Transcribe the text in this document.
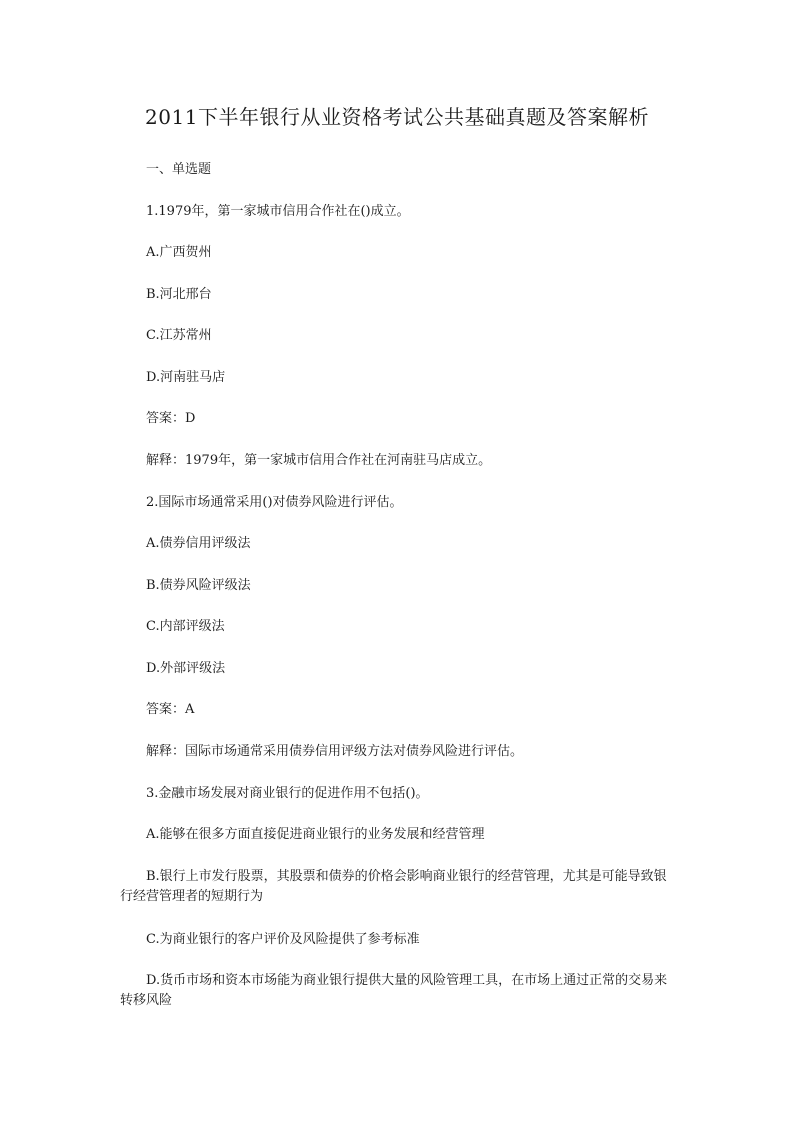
2011下半年银行从业资格考试公共基础真题及答案解析
一、单选题
1.1979年，第一家城市信用合作社在()成立。
A.广西贺州
B.河北邢台
C.江苏常州
D.河南驻马店
答案：D
解释：1979年，第一家城市信用合作社在河南驻马店成立。
2.国际市场通常采用()对债券风险进行评估。
A.债券信用评级法
B.债券风险评级法
C.内部评级法
D.外部评级法
答案：A
解释：国际市场通常采用债券信用评级方法对债券风险进行评估。
3.金融市场发展对商业银行的促进作用不包括()。
A.能够在很多方面直接促进商业银行的业务发展和经营管理
B.银行上市发行股票，其股票和债券的价格会影响商业银行的经营管理，尤其是可能导致银行经营管理者的短期行为
C.为商业银行的客户评价及风险提供了参考标准
D.货币市场和资本市场能为商业银行提供大量的风险管理工具，在市场上通过正常的交易来转移风险
